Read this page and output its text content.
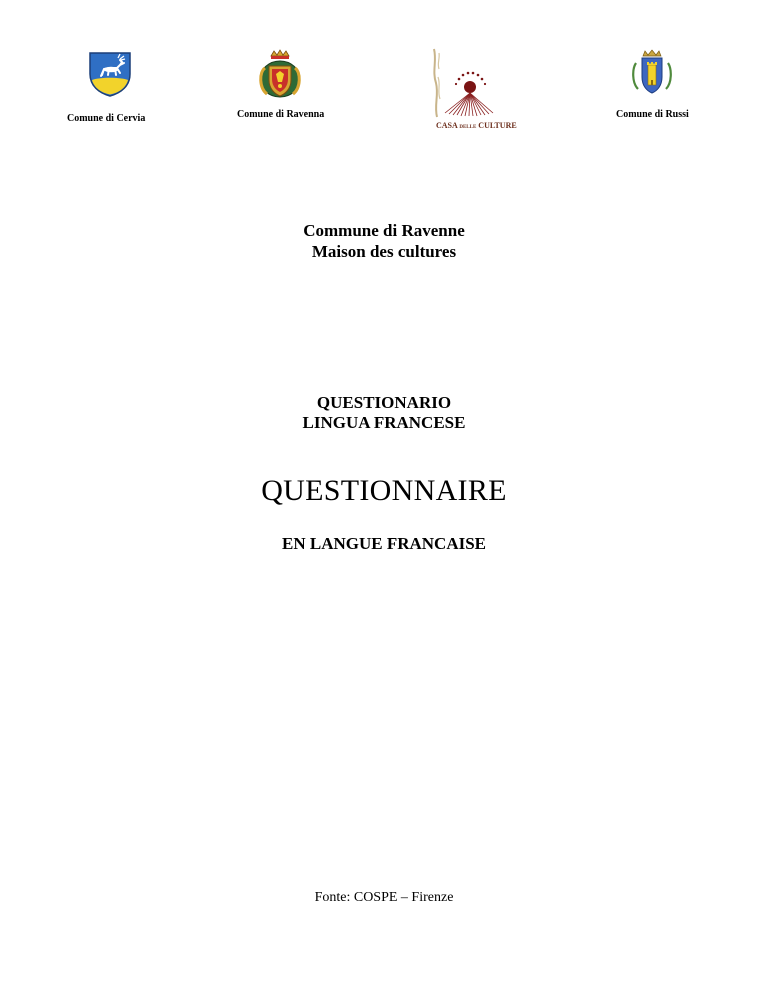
Comune di Cervia	Comune di Ravenna
CASA DELLE CULTURE
Comune di Russi
Commune di Ravenne
Maison des cultures
QUESTIONARIO
LINGUA FRANCESE
QUESTIONNAIRE
EN LANGUE FRANCAISE
Fonte: COSPE – Firenze
